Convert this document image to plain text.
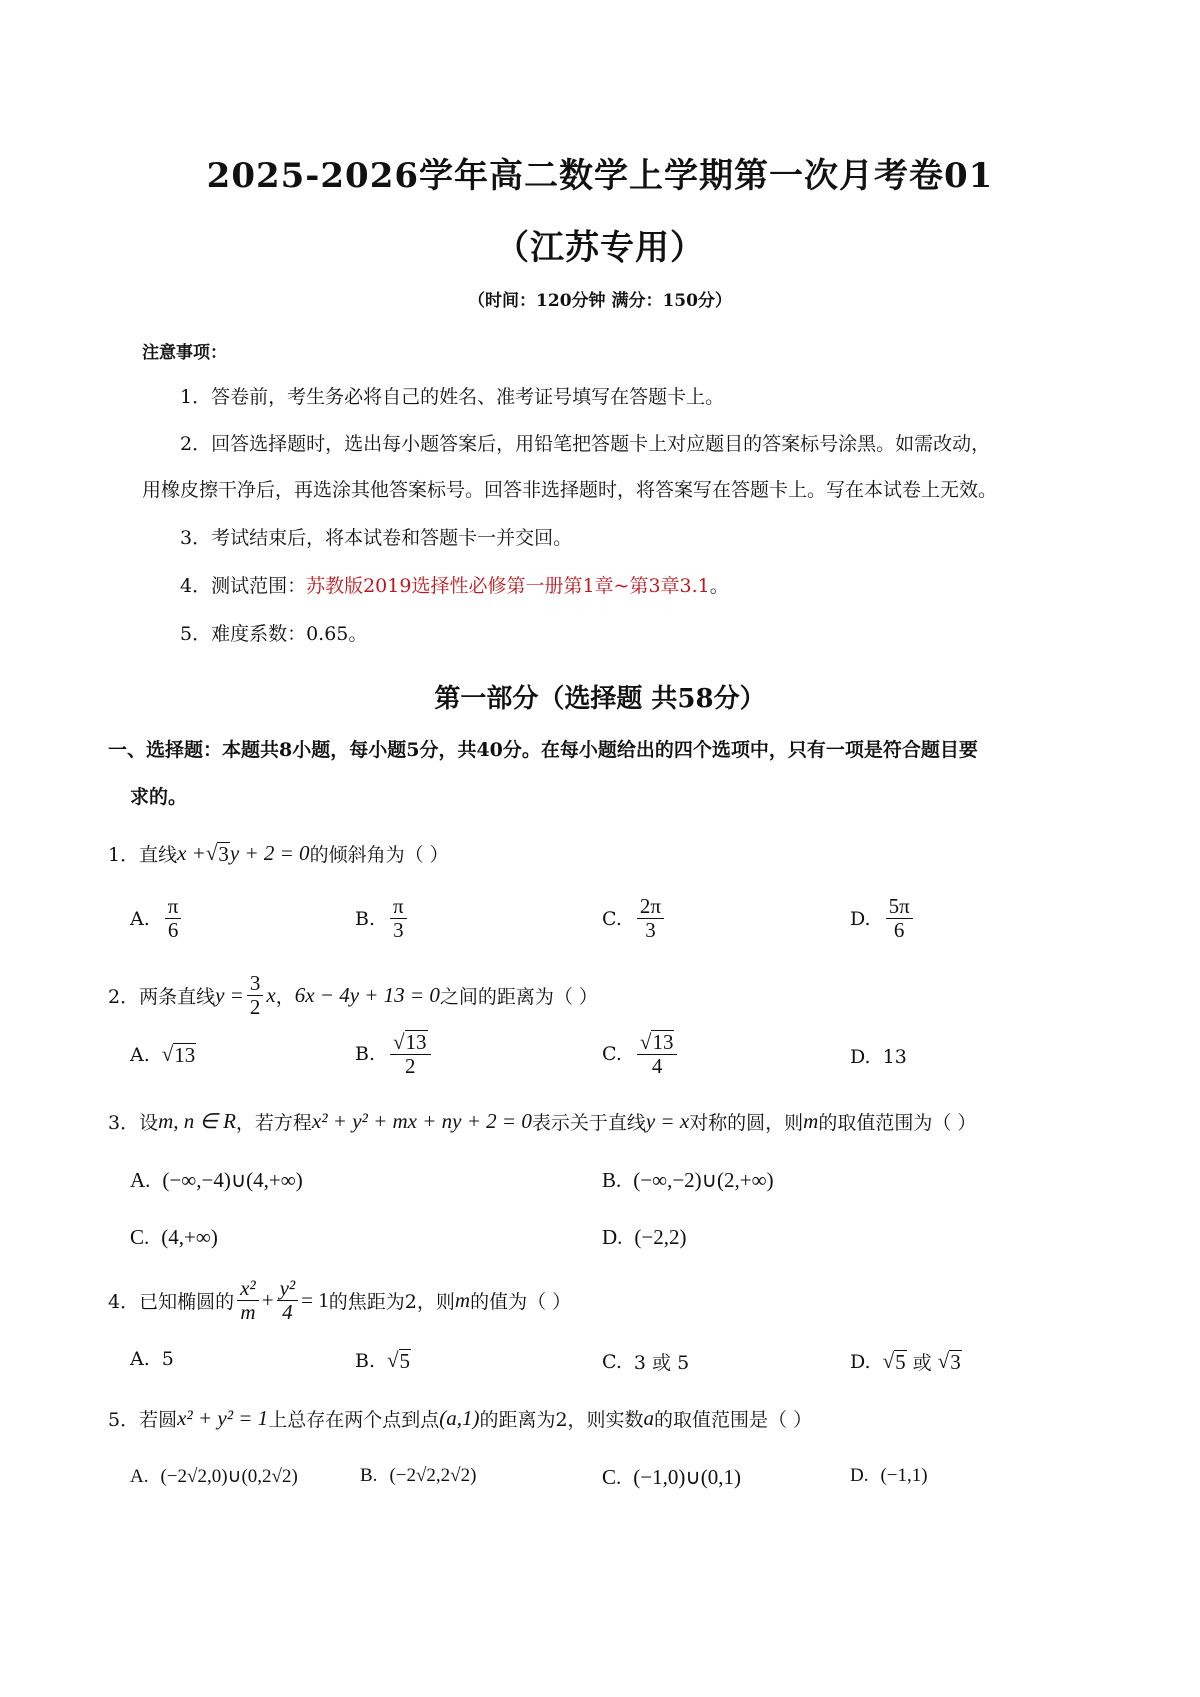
2025-2026学年高二数学上学期第一次月考卷01
（江苏专用）
（时间：120分钟 满分：150分）
注意事项：
1．答卷前，考生务必将自己的姓名、准考证号填写在答题卡上。
2．回答选择题时，选出每小题答案后，用铅笔把答题卡上对应题目的答案标号涂黑。如需改动，
用橡皮擦干净后，再选涂其他答案标号。回答非选择题时，将答案写在答题卡上。写在本试卷上无效。
3．考试结束后，将本试卷和答题卡一并交回。
4．测试范围：苏教版2019选择性必修第一册第1章~第3章3.1。
5．难度系数：0.65。
第一部分（选择题 共58分）
一、选择题：本题共8小题，每小题5分，共40分。在每小题给出的四个选项中，只有一项是符合题目要
求的。
1． 直线 x + √ 3 y + 2 = 0 的倾斜角为（ ）
A. $\frac{\pi}{6}$	B. $\frac{\pi}{3}$	C. $\frac{2\pi}{3}$	D. $\frac{5\pi}{6}$
2． 两条直线 $y = \frac{3}{2}$ x ， 6x − 4y + 13 = 0 之间的距离为（ ）
A. √ 13	B. $\frac{√ 13}{2}$	C. $\frac{√ 13}{4}$	D. 13
3． 设 m, n ∈ R ，若方程 x² + y² + mx + ny + 2 = 0 表示关于直线 y = x 对称的圆，则 m 的取值范围为（ ）
A. (−∞,−4)∪(4,+∞)	B. (−∞,−2)∪(2,+∞)
C. (4,+∞)	D. (−2,2)
4． 已知椭圆的 $\frac{\text{x²}}{m} + \frac{\text{y²}}{4} = 1$ 的焦距为2，则 m 的值为（ ）
A. 5	B. √ 5	C. 3 或 5	D. √ 5 或 √ 3
5． 若圆 x² + y² = 1 上总存在两个点到点 (a,1) 的距离为2，则实数 a 的取值范围是（ ）
A. (−2√2,0)∪(0,2√2)	B. (−2√2,2√2)	C. (−1,0)∪(0,1)	D. (−1,1)
